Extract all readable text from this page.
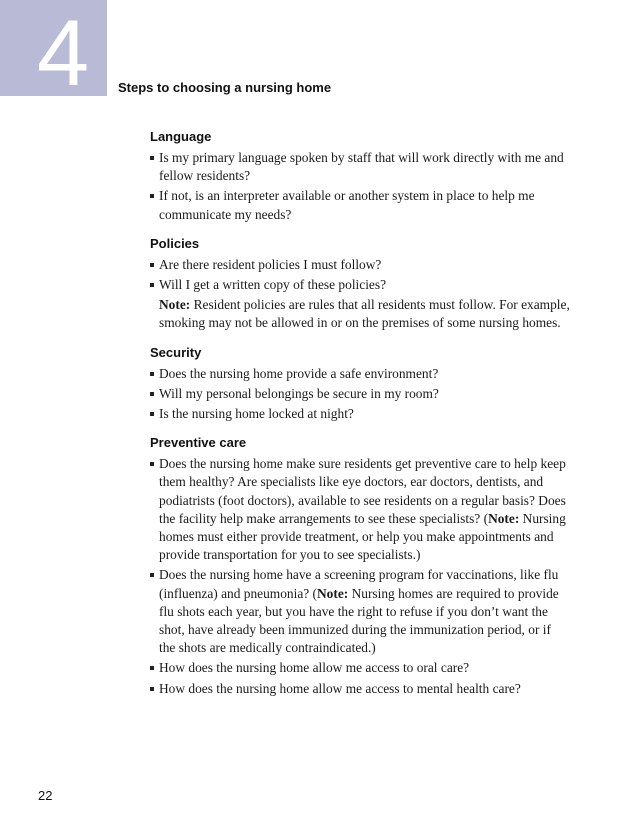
4	Steps to choosing a nursing home
Language
Is my primary language spoken by staff that will work directly with me and fellow residents?
If not, is an interpreter available or another system in place to help me communicate my needs?
Policies
Are there resident policies I must follow?
Will I get a written copy of these policies?
Note: Resident policies are rules that all residents must follow. For example, smoking may not be allowed in or on the premises of some nursing homes.
Security
Does the nursing home provide a safe environment?
Will my personal belongings be secure in my room?
Is the nursing home locked at night?
Preventive care
Does the nursing home make sure residents get preventive care to help keep them healthy? Are specialists like eye doctors, ear doctors, dentists, and podiatrists (foot doctors), available to see residents on a regular basis? Does the facility help make arrangements to see these specialists? (Note: Nursing homes must either provide treatment, or help you make appointments and provide transportation for you to see specialists.)
Does the nursing home have a screening program for vaccinations, like flu (influenza) and pneumonia? (Note: Nursing homes are required to provide flu shots each year, but you have the right to refuse if you don’t want the shot, have already been immunized during the immunization period, or if the shots are medically contraindicated.)
How does the nursing home allow me access to oral care?
How does the nursing home allow me access to mental health care?
22
